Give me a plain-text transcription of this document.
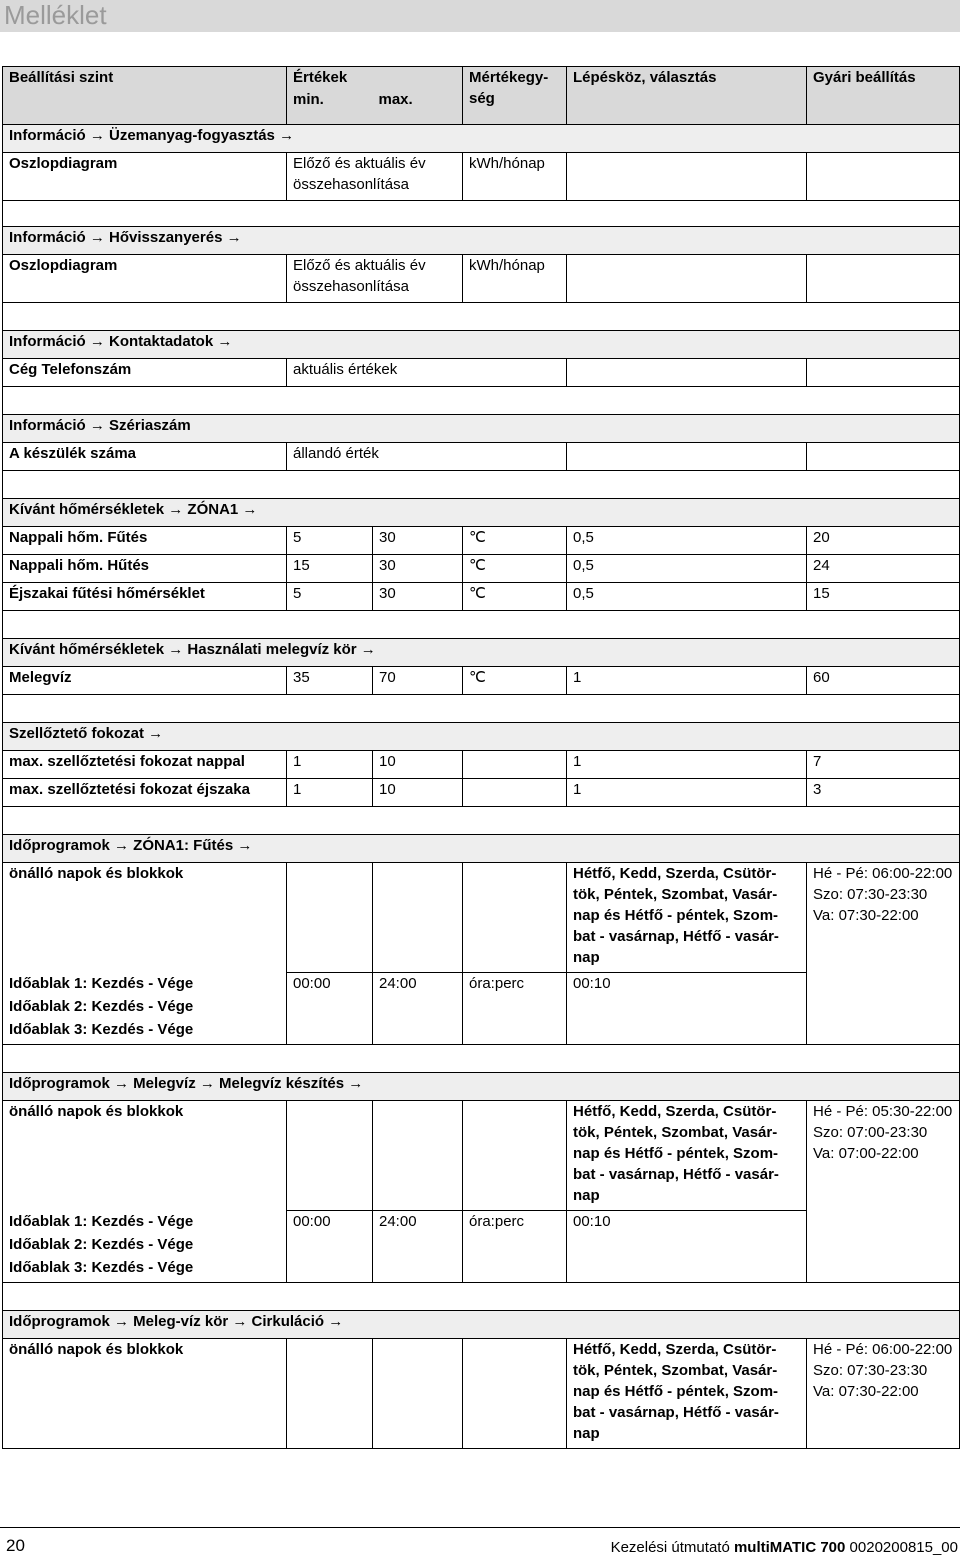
Melléklet
Beállítási szint	Értékek		Mértékegy-ség	Lépésköz, választás	Gyári beállítás
	min.	max.			
Információ → Üzemanyag-fogyasztás →					
Oszlopdiagram	Előző és aktuális év összehasonlítása		kWh/hónap		

Információ → Hővisszanyerés →					
Oszlopdiagram	Előző és aktuális év összehasonlítása		kWh/hónap		

Információ → Kontaktadatok →					
Cég Telefonszám	aktuális értékek				

Információ → Szériaszám					
A készülék száma	állandó érték				

Kívánt hőmérsékletek → ZÓNA1 →					
Nappali hőm. Fűtés	5	30	℃	0,5	20
Nappali hőm. Hűtés	15	30	℃	0,5	24
Éjszakai fűtési hőmérséklet	5	30	℃	0,5	15

Kívánt hőmérsékletek → Használati melegvíz kör →					
Melegvíz	35	70	℃	1	60

Szellőztető fokozat →					
max. szellőztetési fokozat nappal	1	10		1	7
max. szellőztetési fokozat éjszaka	1	10		1	3

Időprogramok → ZÓNA1: Fűtés →					
önálló napok és blokkok				Hétfő, Kedd, Szerda, Csütör-tök, Péntek, Szombat, Vasár-nap és Hétfő - péntek, Szom-bat - vasárnap, Hétfő - vasár-nap	Hé - Pé: 06:00-22:00
Szo: 07:30-23:30
Va: 07:30-22:00

Időablak 1: Kezdés - Vége
Időablak 2: Kezdés - Vége
Időablak 3: Kezdés - Vége	00:00	24:00	óra:perc	00:10	

Időprogramok → Melegvíz → Melegvíz készítés →					
önálló napok és blokkok				Hétfő, Kedd, Szerda, Csütör-tök, Péntek, Szombat, Vasár-nap és Hétfő - péntek, Szom-bat - vasárnap, Hétfő - vasár-nap	Hé - Pé: 05:30-22:00
Szo: 07:00-23:30
Va: 07:00-22:00

Időablak 1: Kezdés - Vége
Időablak 2: Kezdés - Vége
Időablak 3: Kezdés - Vége	00:00	24:00	óra:perc	00:10	

Időprogramok → Meleg-víz kör → Cirkuláció →					
önálló napok és blokkok				Hétfő, Kedd, Szerda, Csütör-tök, Péntek, Szombat, Vasár-nap és Hétfő - péntek, Szom-bat - vasárnap, Hétfő - vasár-nap	Hé - Pé: 06:00-22:00
Szo: 07:30-23:30
Va: 07:30-22:00
20	Kezelési útmutató multiMATIC 700 0020200815_00
